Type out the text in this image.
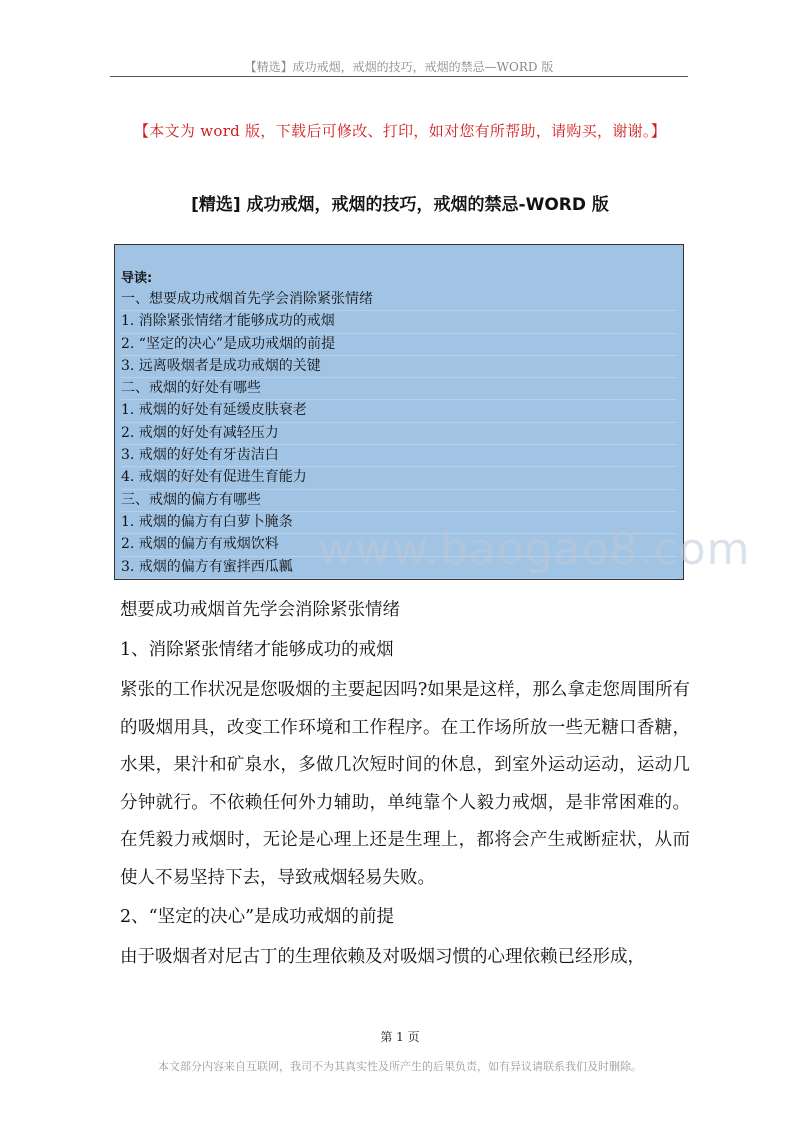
【精选】成功戒烟，戒烟的技巧，戒烟的禁忌—WORD 版
【本文为 word 版，下载后可修改、打印，如对您有所帮助，请购买，谢谢。】
[精选] 成功戒烟，戒烟的技巧，戒烟的禁忌-WORD 版
导读:
一、想要成功戒烟首先学会消除紧张情绪
1. 消除紧张情绪才能够成功的戒烟
2. “坚定的决心”是成功戒烟的前提
3. 远离吸烟者是成功戒烟的关键
二、戒烟的好处有哪些
1. 戒烟的好处有延缓皮肤衰老
2. 戒烟的好处有减轻压力
3. 戒烟的好处有牙齿洁白
4. 戒烟的好处有促进生育能力
三、戒烟的偏方有哪些
1. 戒烟的偏方有白萝卜腌条
2. 戒烟的偏方有戒烟饮料
3. 戒烟的偏方有蜜拌西瓜瓤 www.baogao8.com

想要成功戒烟首先学会消除紧张情绪

1、消除紧张情绪才能够成功的戒烟

紧张的工作状况是您吸烟的主要起因吗?如果是这样，那么拿走您周围所有的吸烟用具，改变工作环境和工作程序。在工作场所放一些无糖口香糖，水果，果汁和矿泉水，多做几次短时间的休息，到室外运动运动，运动几分钟就行。不依赖任何外力辅助，单纯靠个人毅力戒烟，是非常困难的。在凭毅力戒烟时，无论是心理上还是生理上，都将会产生戒断症状，从而使人不易坚持下去，导致戒烟轻易失败。

2、“坚定的决心”是成功戒烟的前提

由于吸烟者对尼古丁的生理依赖及对吸烟习惯的心理依赖已经形成，

第 1 页
本文部分内容来自互联网，我司不为其真实性及所产生的后果负责，如有异议请联系我们及时删除。
